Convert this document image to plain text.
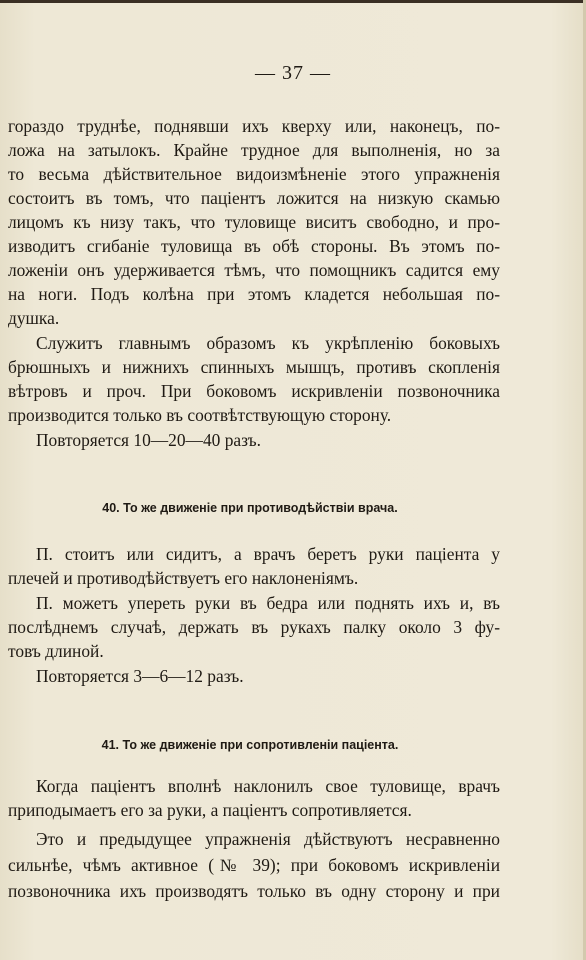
— 37 —
гораздо труднѣе, поднявши ихъ кверху или, наконецъ, по-
ложа на затылокъ. Крайне трудное для выполненія, но за
то весьма дѣйствительное видоизмѣненіе этого упражненія
состоитъ въ томъ, что паціентъ ложится на низкую скамью
лицомъ къ низу такъ, что туловище виситъ свободно, и про-
изводитъ сгибаніе туловища въ обѣ стороны. Въ этомъ по-
ложеніи онъ удерживается тѣмъ, что помощникъ садится ему
на ноги. Подъ колѣна при этомъ кладется небольшая по-
душка.
Служитъ главнымъ образомъ къ укрѣпленію боковыхъ
брюшныхъ и нижнихъ спинныхъ мышцъ, противъ скопленія
вѣтровъ и проч. При боковомъ искривленіи позвоночника
производится только въ соотвѣтствующую сторону.
Повторяется 10—20—40 разъ.
40. То же движеніе при противодѣйствіи врача.
П. стоитъ или сидитъ, а врачъ беретъ руки паціента у
плечей и противодѣйствуетъ его наклоненіямъ.
П. можетъ упереть руки въ бедра или поднять ихъ и, въ
послѣднемъ случаѣ, держать въ рукахъ палку около 3 фу-
товъ длиной.
Повторяется 3—6—12 разъ.
41. То же движеніе при сопротивленіи паціента.
Когда паціентъ вполнѣ наклонилъ свое туловище, врачъ
приподымаетъ его за руки, а паціентъ сопротивляется.
Это и предыдущее упражненія дѣйствуютъ несравненно
сильнѣе, чѣмъ активное (№ 39); при боковомъ искривленіи
позвоночника ихъ производятъ только въ одну сторону и при
